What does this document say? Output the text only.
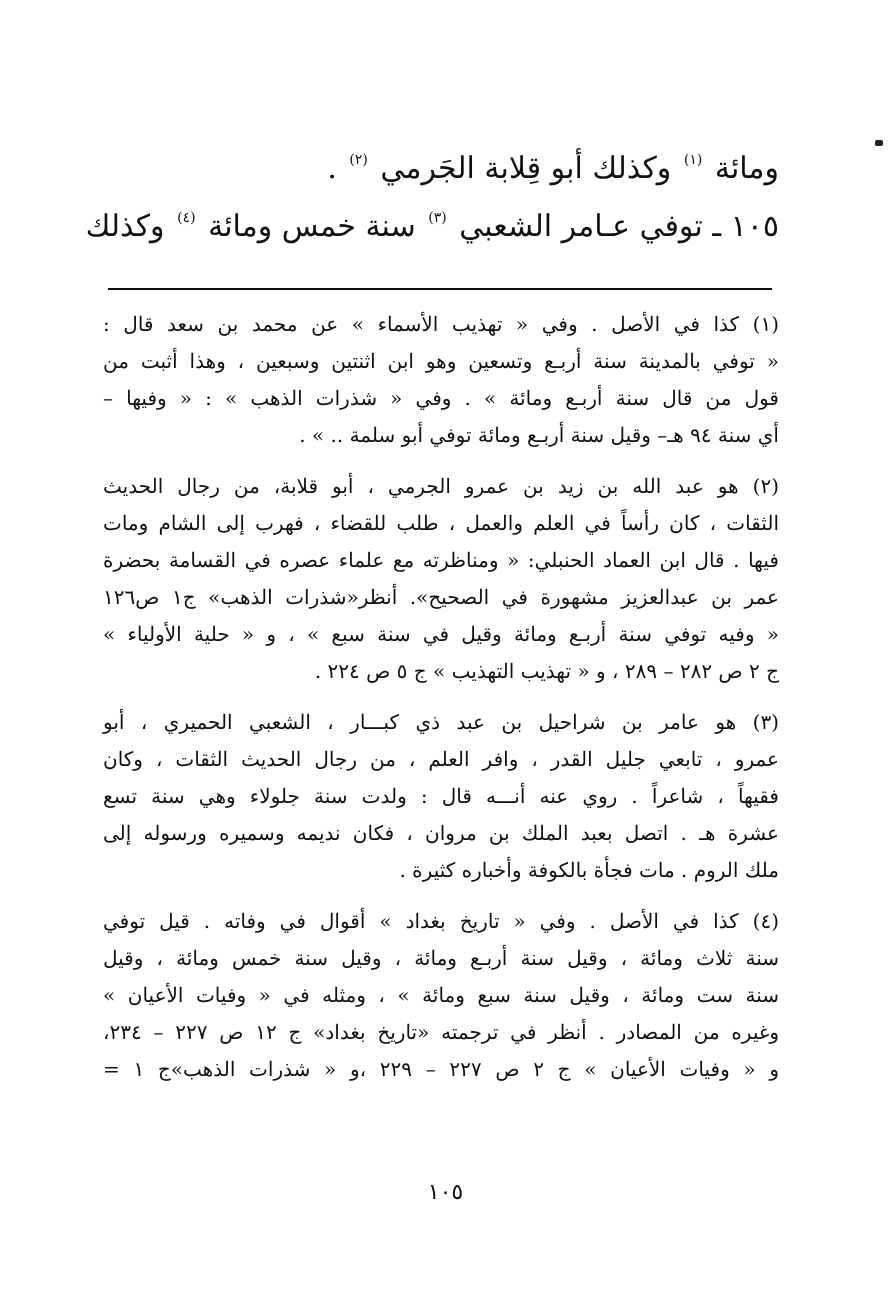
ومائة $^{(١)}$ وكذلك أبو قِلابة الجَرمي $^{(٢)}$ .
١٠٥ ـ توفي عـامر الشعبي $^{(٣)}$ سنة خمس ومائة $^{(٤)}$ وكذلك
(١) كذا في الأصل . وفي « تهذيب الأسماء » عن محمد بن سعد قال :
« توفي بالمدينة سنة أربـع وتسعين وهو ابن اثنتين وسبعين ، وهذا أثبت من
قول من قال سنة أربـع ومائة » . وفي « شذرات الذهب » : « وفيها –
أي سنة ٩٤ هـ– وقيل سنة أربـع ومائة توفي أبو سلمة .. » .
(٢) هو عبد الله بن زيد بن عمرو الجرمي ، أبو قلابة، من رجال الحديث
الثقات ، كان رأساً في العلم والعمل ، طلب للقضاء ، فهرب إلى الشام ومات
فيها . قال ابن العماد الحنبلي: « ومناظرته مع علماء عصره في القسامة بحضرة
عمر بن عبدالعزيز مشهورة في الصحيح». أنظر«شذرات الذهب» ج١ ص١٢٦
« وفيه توفي سنة أربـع ومائة وقيل في سنة سبع » ، و « حلية الأولياء »
ج ٢ ص ٢٨٢ – ٢٨٩ ، و « تهذيب التهذيب » ج ٥ ص ٢٢٤ .
(٣) هو عامر بن شراحيل بن عبد ذي كبـــار ، الشعبي الحميري ، أبو
عمرو ، تابعي جليل القدر ، وافر العلم ، من رجال الحديث الثقات ، وكان
فقيهاً ، شاعراً . روي عنه أنـــه قال : ولدت سنة جلولاء وهي سنة تسع
عشرة هـ . اتصل بعبد الملك بن مروان ، فكان نديمه وسميره ورسوله إلى
ملك الروم . مات فجأة بالكوفة وأخباره كثيرة .
(٤) كذا في الأصل . وفي « تاريخ بغداد » أقوال في وفاته . قيل توفي
سنة ثلاث ومائة ، وقيل سنة أربـع ومائة ، وقيل سنة خمس ومائة ، وقيل
سنة ست ومائة ، وقيل سنة سبع ومائة » ، ومثله في « وفيات الأعيان »
وغيره من المصادر . أنظر في ترجمته «تاريخ بغداد» ج ١٢ ص ٢٢٧ – ٢٣٤،
و « وفيات الأعيان » ج ٢ ص ٢٢٧ – ٢٢٩ ،و « شذرات الذهب»ج ١ =
١٠٥
